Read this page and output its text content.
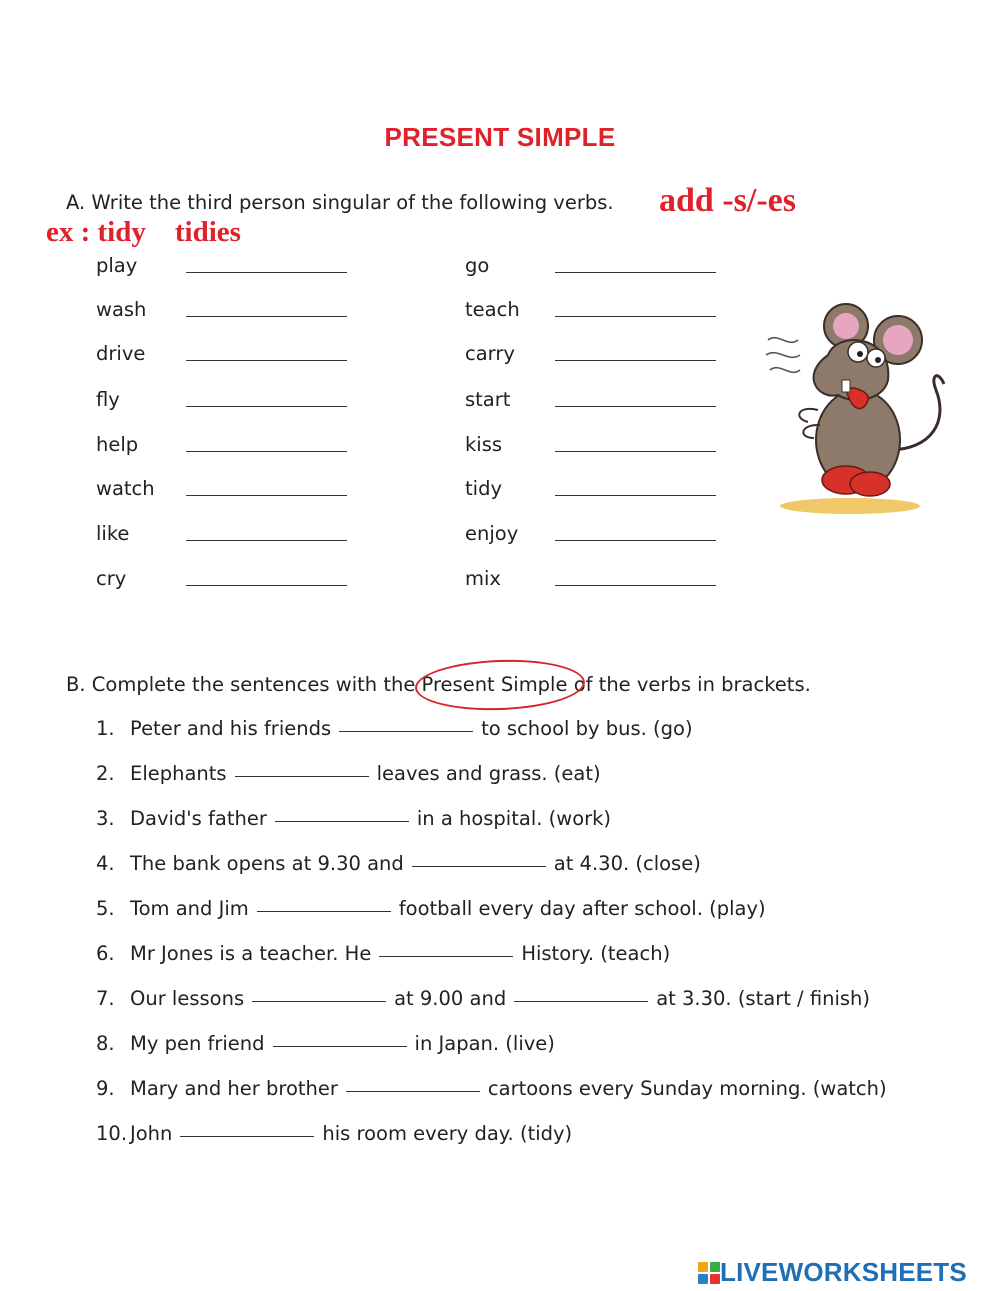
PRESENT SIMPLE
A. Write the third person singular of the following verbs. add -s/-es
ex : tidy    tidies
play	go
wash	teach
drive	carry
fly	start
help	kiss
watch	tidy
like	enjoy
cry	mix
B. Complete the sentences with the Present Simple of the verbs in brackets.
1. Peter and his friends	to school by bus. (go)
2. Elephants	leaves and grass. (eat)
3. David's father	in a hospital. (work)
4. The bank opens at 9.30 and	at 4.30. (close)
5. Tom and Jim	football every day after school. (play)
6. Mr Jones is a teacher. He	History. (teach)
7. Our lessons	at 9.00 and	at 3.30. (start / finish)
8. My pen friend	in Japan. (live)
9. Mary and her brother	cartoons every Sunday morning. (watch)
10. John	his room every day. (tidy)
LIVEWORKSHEETS
